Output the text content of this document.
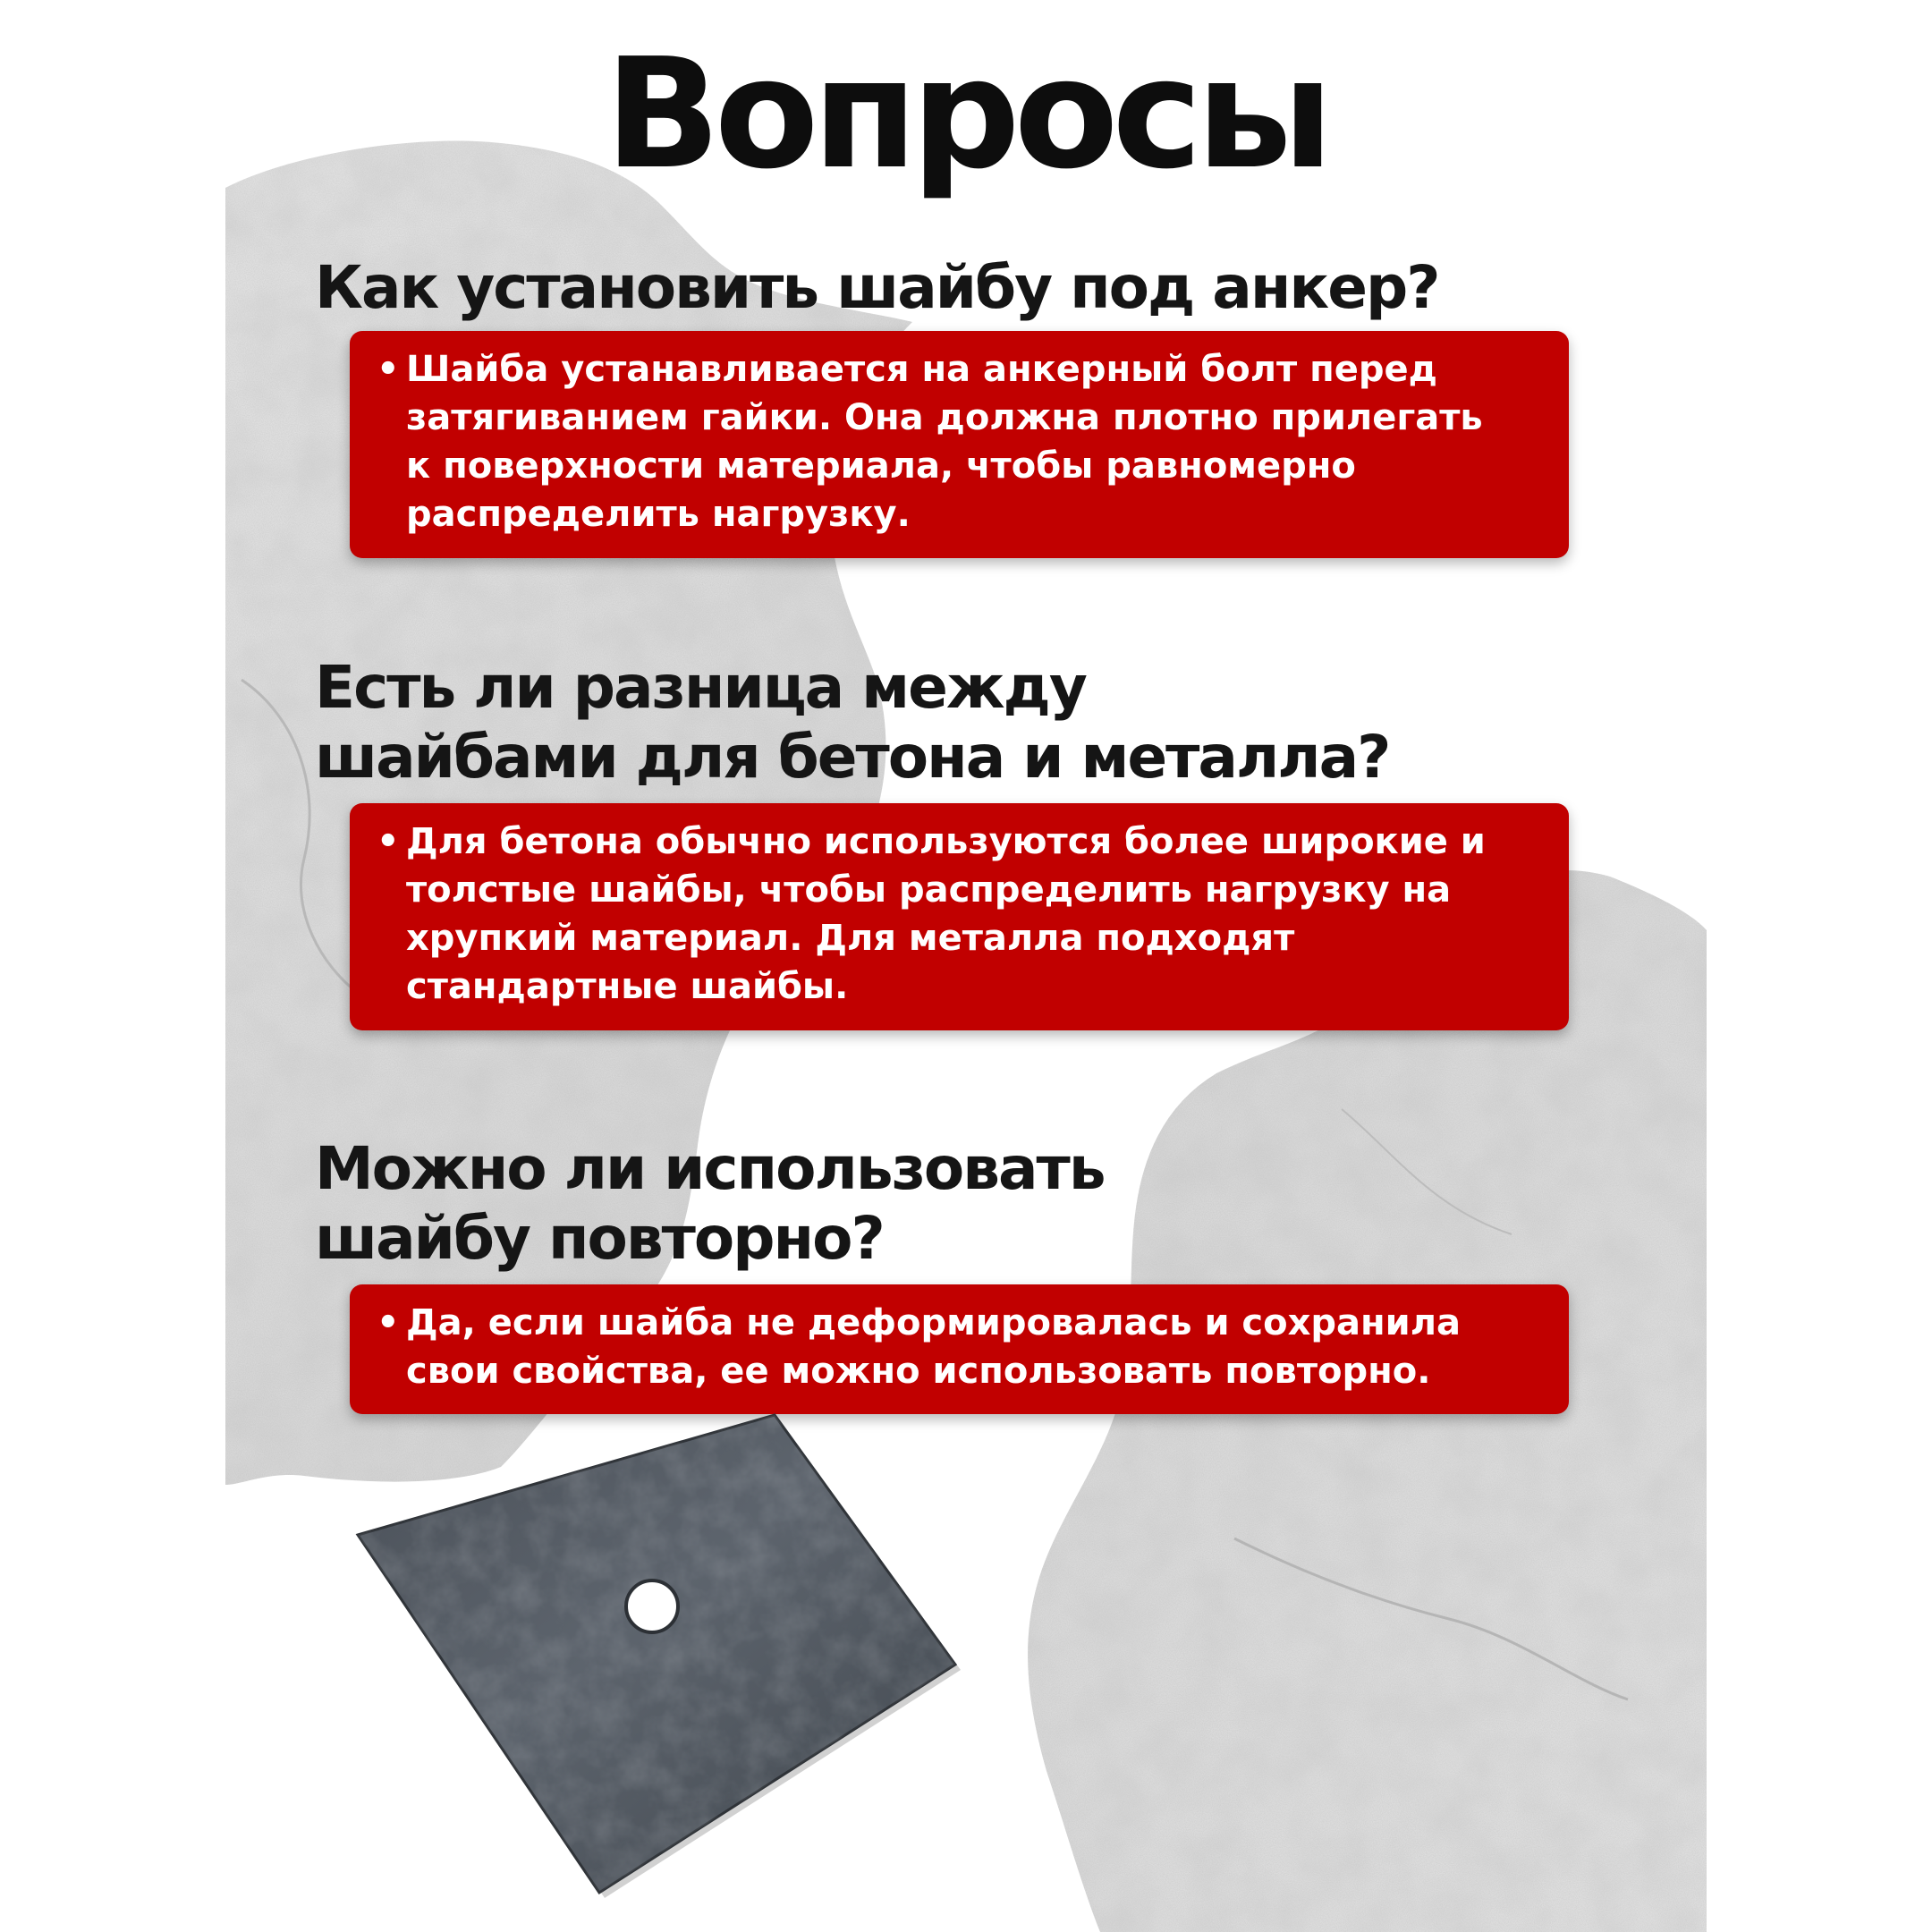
Вопросы
Как установить шайбу под анкер?
• Шайба устанавливается на анкерный болт перед
затягиванием гайки. Она должна плотно прилегать
к поверхности материала, чтобы равномерно
распределить нагрузку.
Есть ли разница между
шайбами для бетона и металла?
• Для бетона обычно используются более широкие и
толстые шайбы, чтобы распределить нагрузку на
хрупкий материал. Для металла подходят
стандартные шайбы.
Можно ли использовать
шайбу повторно?
• Да, если шайба не деформировалась и сохранила
свои свойства, ее можно использовать повторно.
